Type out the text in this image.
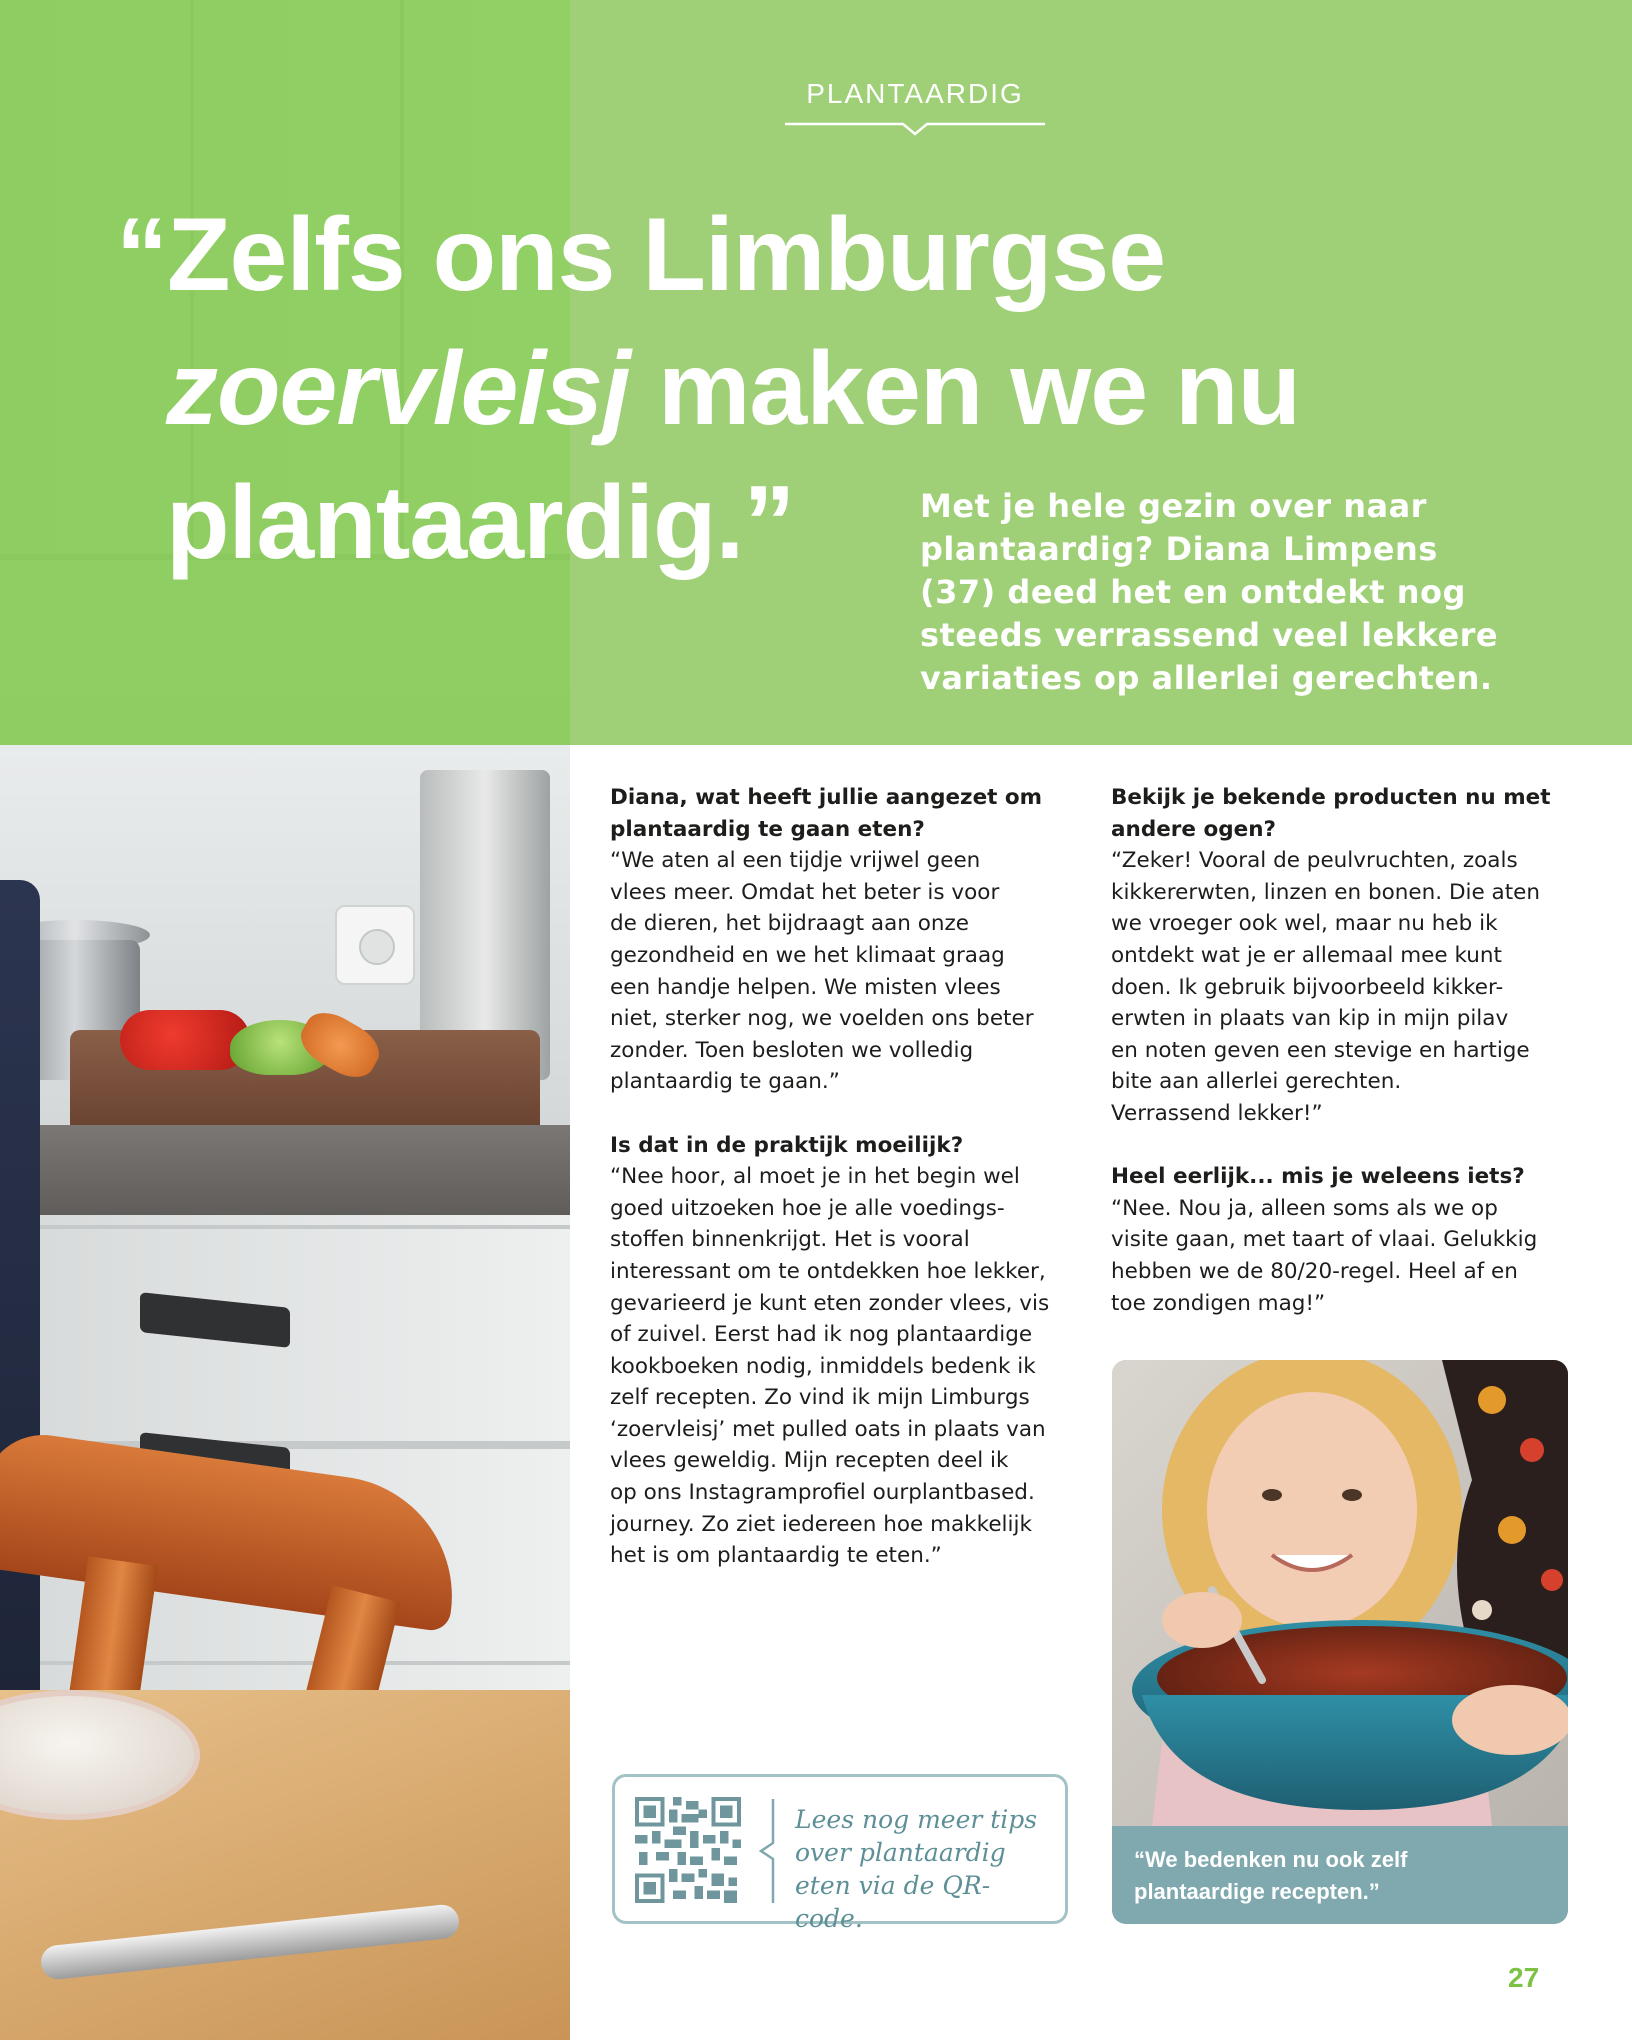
PLANTAARDIG
“Zelfs ons Limburgse
zoervleisj maken we nu
plantaardig.”	Met je hele gezin over naar plantaardig? Diana Limpens (37) deed het en ontdekt nog steeds verrassend veel lekkere variaties op allerlei gerechten.
Diana, wat heeft jullie aangezet om plantaardig te gaan eten?
“We aten al een tijdje vrijwel geen
vlees meer. Omdat het beter is voor
de dieren, het bijdraagt aan onze
gezondheid en we het klimaat graag
een handje helpen. We misten vlees
niet, sterker nog, we voelden ons beter
zonder. Toen besloten we volledig
plantaardig te gaan.”
Is dat in de praktijk moeilijk?
“Nee hoor, al moet je in het begin wel
goed uitzoeken hoe je alle voedings-
stoffen binnenkrijgt. Het is vooral
interessant om te ontdekken hoe lekker,
gevarieerd je kunt eten zonder vlees, vis
of zuivel. Eerst had ik nog plantaardige
kookboeken nodig, inmiddels bedenk ik
zelf recepten. Zo vind ik mijn Limburgs
‘zoervleisj’ met pulled oats in plaats van
vlees geweldig. Mijn recepten deel ik
op ons Instagramprofiel ourplantbased.
journey. Zo ziet iedereen hoe makkelijk
het is om plantaardig te eten.”
Bekijk je bekende producten nu met andere ogen?
“Zeker! Vooral de peulvruchten, zoals
kikkererwten, linzen en bonen. Die aten
we vroeger ook wel, maar nu heb ik
ontdekt wat je er allemaal mee kunt
doen. Ik gebruik bijvoorbeeld kikker-
erwten in plaats van kip in mijn pilav
en noten geven een stevige en hartige
bite aan allerlei gerechten.
Verrassend lekker!”
Heel eerlijk... mis je weleens iets?
“Nee. Nou ja, alleen soms als we op
visite gaan, met taart of vlaai. Gelukkig
hebben we de 80/20-regel. Heel af en
toe zondigen mag!”
Lees nog meer tips
over plantaardig
eten via de QR-code.
“We bedenken nu ook zelf
plantaardige recepten.”
27
